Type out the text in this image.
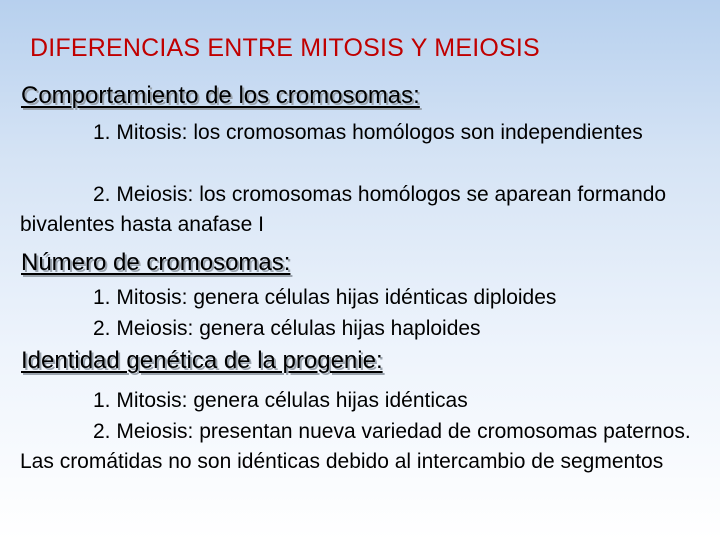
DIFERENCIAS ENTRE MITOSIS Y MEIOSIS
Comportamiento de los cromosomas:

1. Mitosis: los cromosomas homólogos son independientes

2. Meiosis: los cromosomas homólogos se aparean formando bivalentes hasta anafase I

Número de cromosomas:

1. Mitosis: genera células hijas idénticas diploides

2. Meiosis: genera células hijas haploides

Identidad genética de la progenie:

1. Mitosis: genera células hijas idénticas

2. Meiosis: presentan nueva variedad de cromosomas paternos. Las cromátidas no son idénticas debido al intercambio de segmentos
